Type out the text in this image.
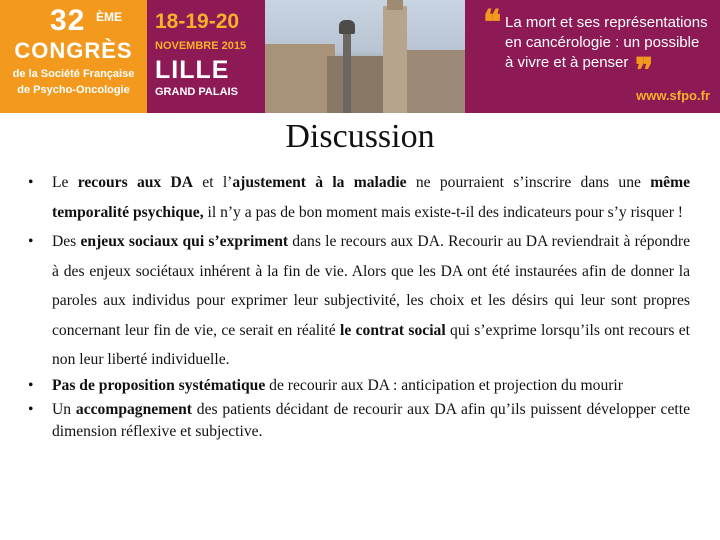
32 ÈME
CONGRÈS
de la Société Française
de Psycho-Oncologie
18-19-20
NOVEMBRE 2015
LILLE
GRAND PALAIS
❝ La mort et ses représentations
en cancérologie : un possible
à vivre et à penser ❞
www.sfpo.fr
Discussion
• Le recours aux DA et l’ajustement à la maladie ne pourraient s’inscrire dans une même temporalité psychique, il n’y a pas de bon moment mais existe-t-il des indicateurs pour s’y risquer !
• Des enjeux sociaux qui s’expriment dans le recours aux DA. Recourir au DA reviendrait à répondre à des enjeux sociétaux inhérent à la fin de vie. Alors que les DA ont été instaurées afin de donner la paroles aux individus pour exprimer leur subjectivité, les choix et les désirs qui leur sont propres concernant leur fin de vie, ce serait en réalité le contrat social qui s’exprime lorsqu’ils ont recours et non leur liberté individuelle.
• Pas de proposition systématique de recourir aux DA : anticipation et projection du mourir
• Un accompagnement des patients décidant de recourir aux DA afin qu’ils puissent développer cette dimension réflexive et subjective.
